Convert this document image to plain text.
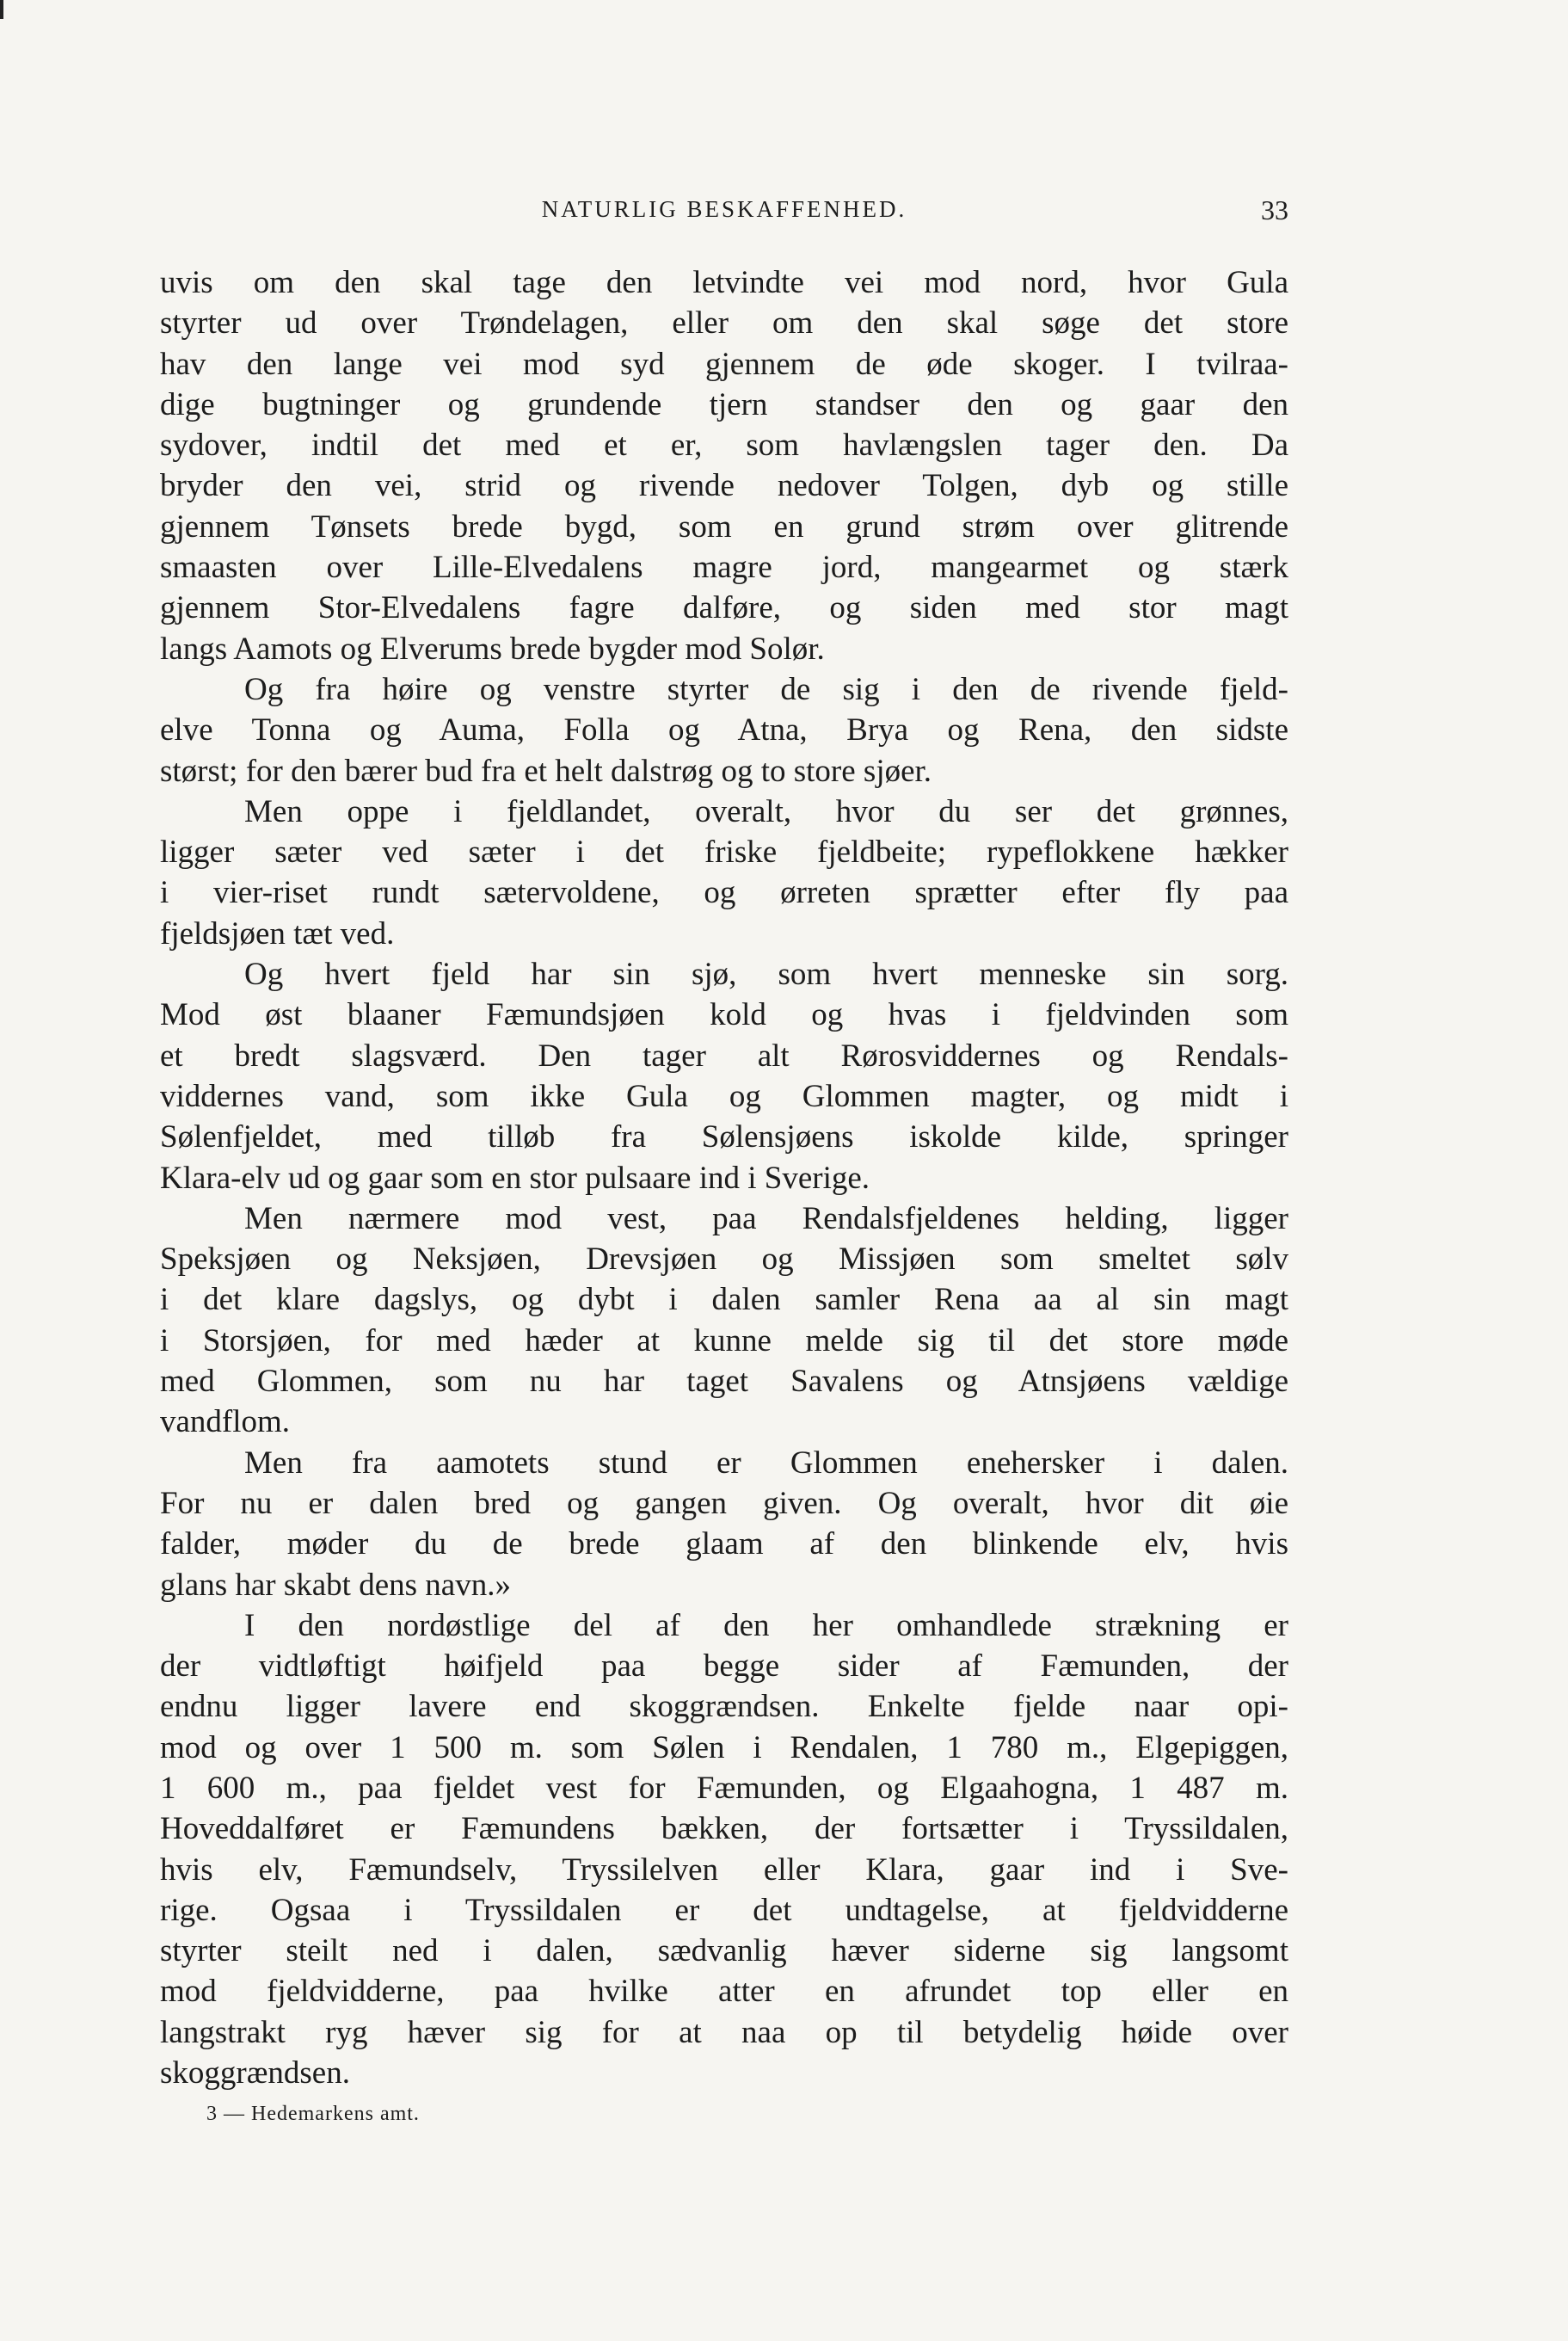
NATURLIG BESKAFFENHED.	33
uvis om den skal tage den letvindte vei mod nord, hvor Gula
styrter ud over Trøndelagen, eller om den skal søge det store
hav den lange vei mod syd gjennem de øde skoger. I tvilraa-
dige bugtninger og grundende tjern standser den og gaar den
sydover, indtil det med et er, som havlængslen tager den. Da
bryder den vei, strid og rivende nedover Tolgen, dyb og stille
gjennem Tønsets brede bygd, som en grund strøm over glitrende
smaasten over Lille-Elvedalens magre jord, mangearmet og stærk
gjennem Stor-Elvedalens fagre dalføre, og siden med stor magt
langs Aamots og Elverums brede bygder mod Solør.
Og fra høire og venstre styrter de sig i den de rivende fjeld-
elve Tonna og Auma, Folla og Atna, Brya og Rena, den sidste
størst; for den bærer bud fra et helt dalstrøg og to store sjøer.
Men oppe i fjeldlandet, overalt, hvor du ser det grønnes,
ligger sæter ved sæter i det friske fjeldbeite; rypeflokkene hækker
i vier-riset rundt sætervoldene, og ørreten sprætter efter fly paa
fjeldsjøen tæt ved.
Og hvert fjeld har sin sjø, som hvert menneske sin sorg.
Mod øst blaaner Fæmundsjøen kold og hvas i fjeldvinden som
et bredt slagsværd. Den tager alt Rørosviddernes og Rendals-
viddernes vand, som ikke Gula og Glommen magter, og midt i
Sølenfjeldet, med tilløb fra Sølensjøens iskolde kilde, springer
Klara-elv ud og gaar som en stor pulsaare ind i Sverige.
Men nærmere mod vest, paa Rendalsfjeldenes helding, ligger
Speksjøen og Neksjøen, Drevsjøen og Missjøen som smeltet sølv
i det klare dagslys, og dybt i dalen samler Rena aa al sin magt
i Storsjøen, for med hæder at kunne melde sig til det store møde
med Glommen, som nu har taget Savalens og Atnsjøens vældige
vandflom.
Men fra aamotets stund er Glommen enehersker i dalen.
For nu er dalen bred og gangen given. Og overalt, hvor dit øie
falder, møder du de brede glaam af den blinkende elv, hvis
glans har skabt dens navn.»
I den nordøstlige del af den her omhandlede strækning er
der vidtløftigt høifjeld paa begge sider af Fæmunden, der
endnu ligger lavere end skoggrændsen. Enkelte fjelde naar opi-
mod og over 1 500 m. som Sølen i Rendalen, 1 780 m., Elgepiggen,
1 600 m., paa fjeldet vest for Fæmunden, og Elgaahogna, 1 487 m.
Hoveddalføret er Fæmundens bækken, der fortsætter i Tryssildalen,
hvis elv, Fæmundselv, Tryssilelven eller Klara, gaar ind i Sve-
rige. Ogsaa i Tryssildalen er det undtagelse, at fjeldvidderne
styrter steilt ned i dalen, sædvanlig hæver siderne sig langsomt
mod fjeldvidderne, paa hvilke atter en afrundet top eller en
langstrakt ryg hæver sig for at naa op til betydelig høide over
skoggrændsen.
3 — Hedemarkens amt.
